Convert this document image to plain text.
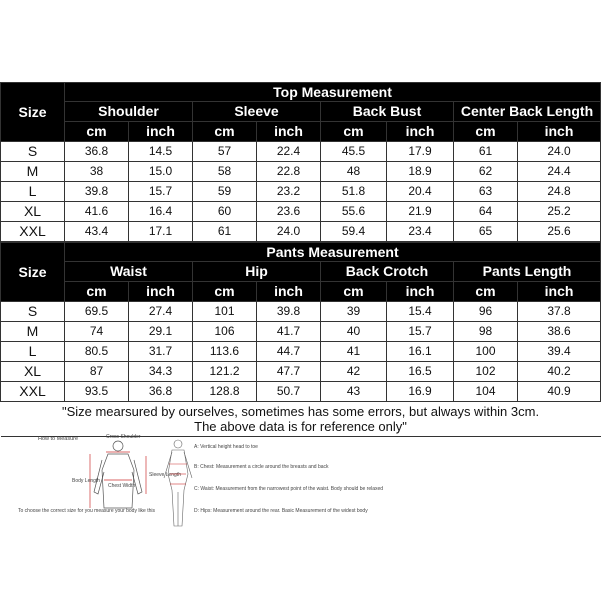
Size	Top Measurement							
	Shoulder		Sleeve		Back Bust		Center Back Length	
	cm	inch	cm	inch	cm	inch	cm	inch
S	36.8	14.5	57	22.4	45.5	17.9	61	24.0
M	38	15.0	58	22.8	48	18.9	62	24.4
L	39.8	15.7	59	23.2	51.8	20.4	63	24.8
XL	41.6	16.4	60	23.6	55.6	21.9	64	25.2
XXL	43.4	17.1	61	24.0	59.4	23.4	65	25.6
Size	Pants Measurement							
	Waist		Hip		Back Crotch		Pants Length	
	cm	inch	cm	inch	cm	inch	cm	inch
S	69.5	27.4	101	39.8	39	15.4	96	37.8
M	74	29.1	106	41.7	40	15.7	98	38.6
L	80.5	31.7	113.6	44.7	41	16.1	100	39.4
XL	87	34.3	121.2	47.7	42	16.5	102	40.2
XXL	93.5	36.8	128.8	50.7	43	16.9	104	40.9
"Size mearsured by ourselves, sometimes has some errors, but always within 3cm.
The above data is for reference only"								
How to Measure	Cross Shoulder
Body Length
Chest Width
Sleeve Length
To choose the correct size for you measure your body like this
A: Vertical height head to toe
B: Chest: Measurement a circle around the breasts and back
C: Waist: Measurement from the narrowest point of the waist. Body should be relaxed
D: Hips: Measurement around the rear. Basic Measurement of the widest body
